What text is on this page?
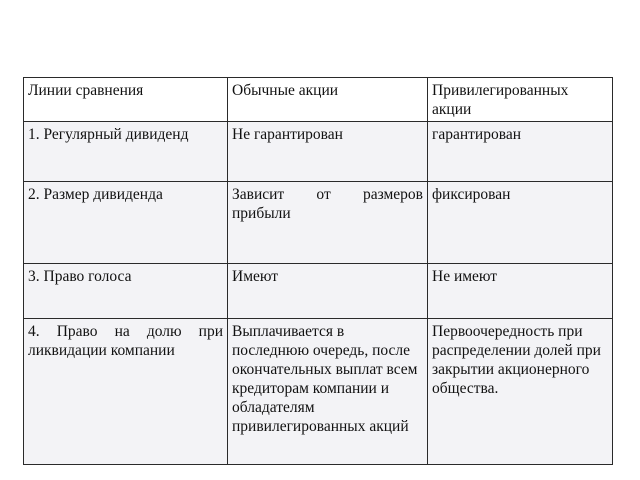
Линии сравнения	Обычные акции	Привилегированных акции
1. Регулярный дивиденд	Не гарантирован	гарантирован
2. Размер дивиденда	Зависит от размеров прибыли	фиксирован
3. Право голоса	Имеют	Не имеют
4. Право на долю при ликвидации компании	Выплачивается в последнюю очередь, после окончательных выплат всем кредиторам компании и обладателям привилегированных акций	Первоочередность при распределении долей при закрытии акционерного общества.
